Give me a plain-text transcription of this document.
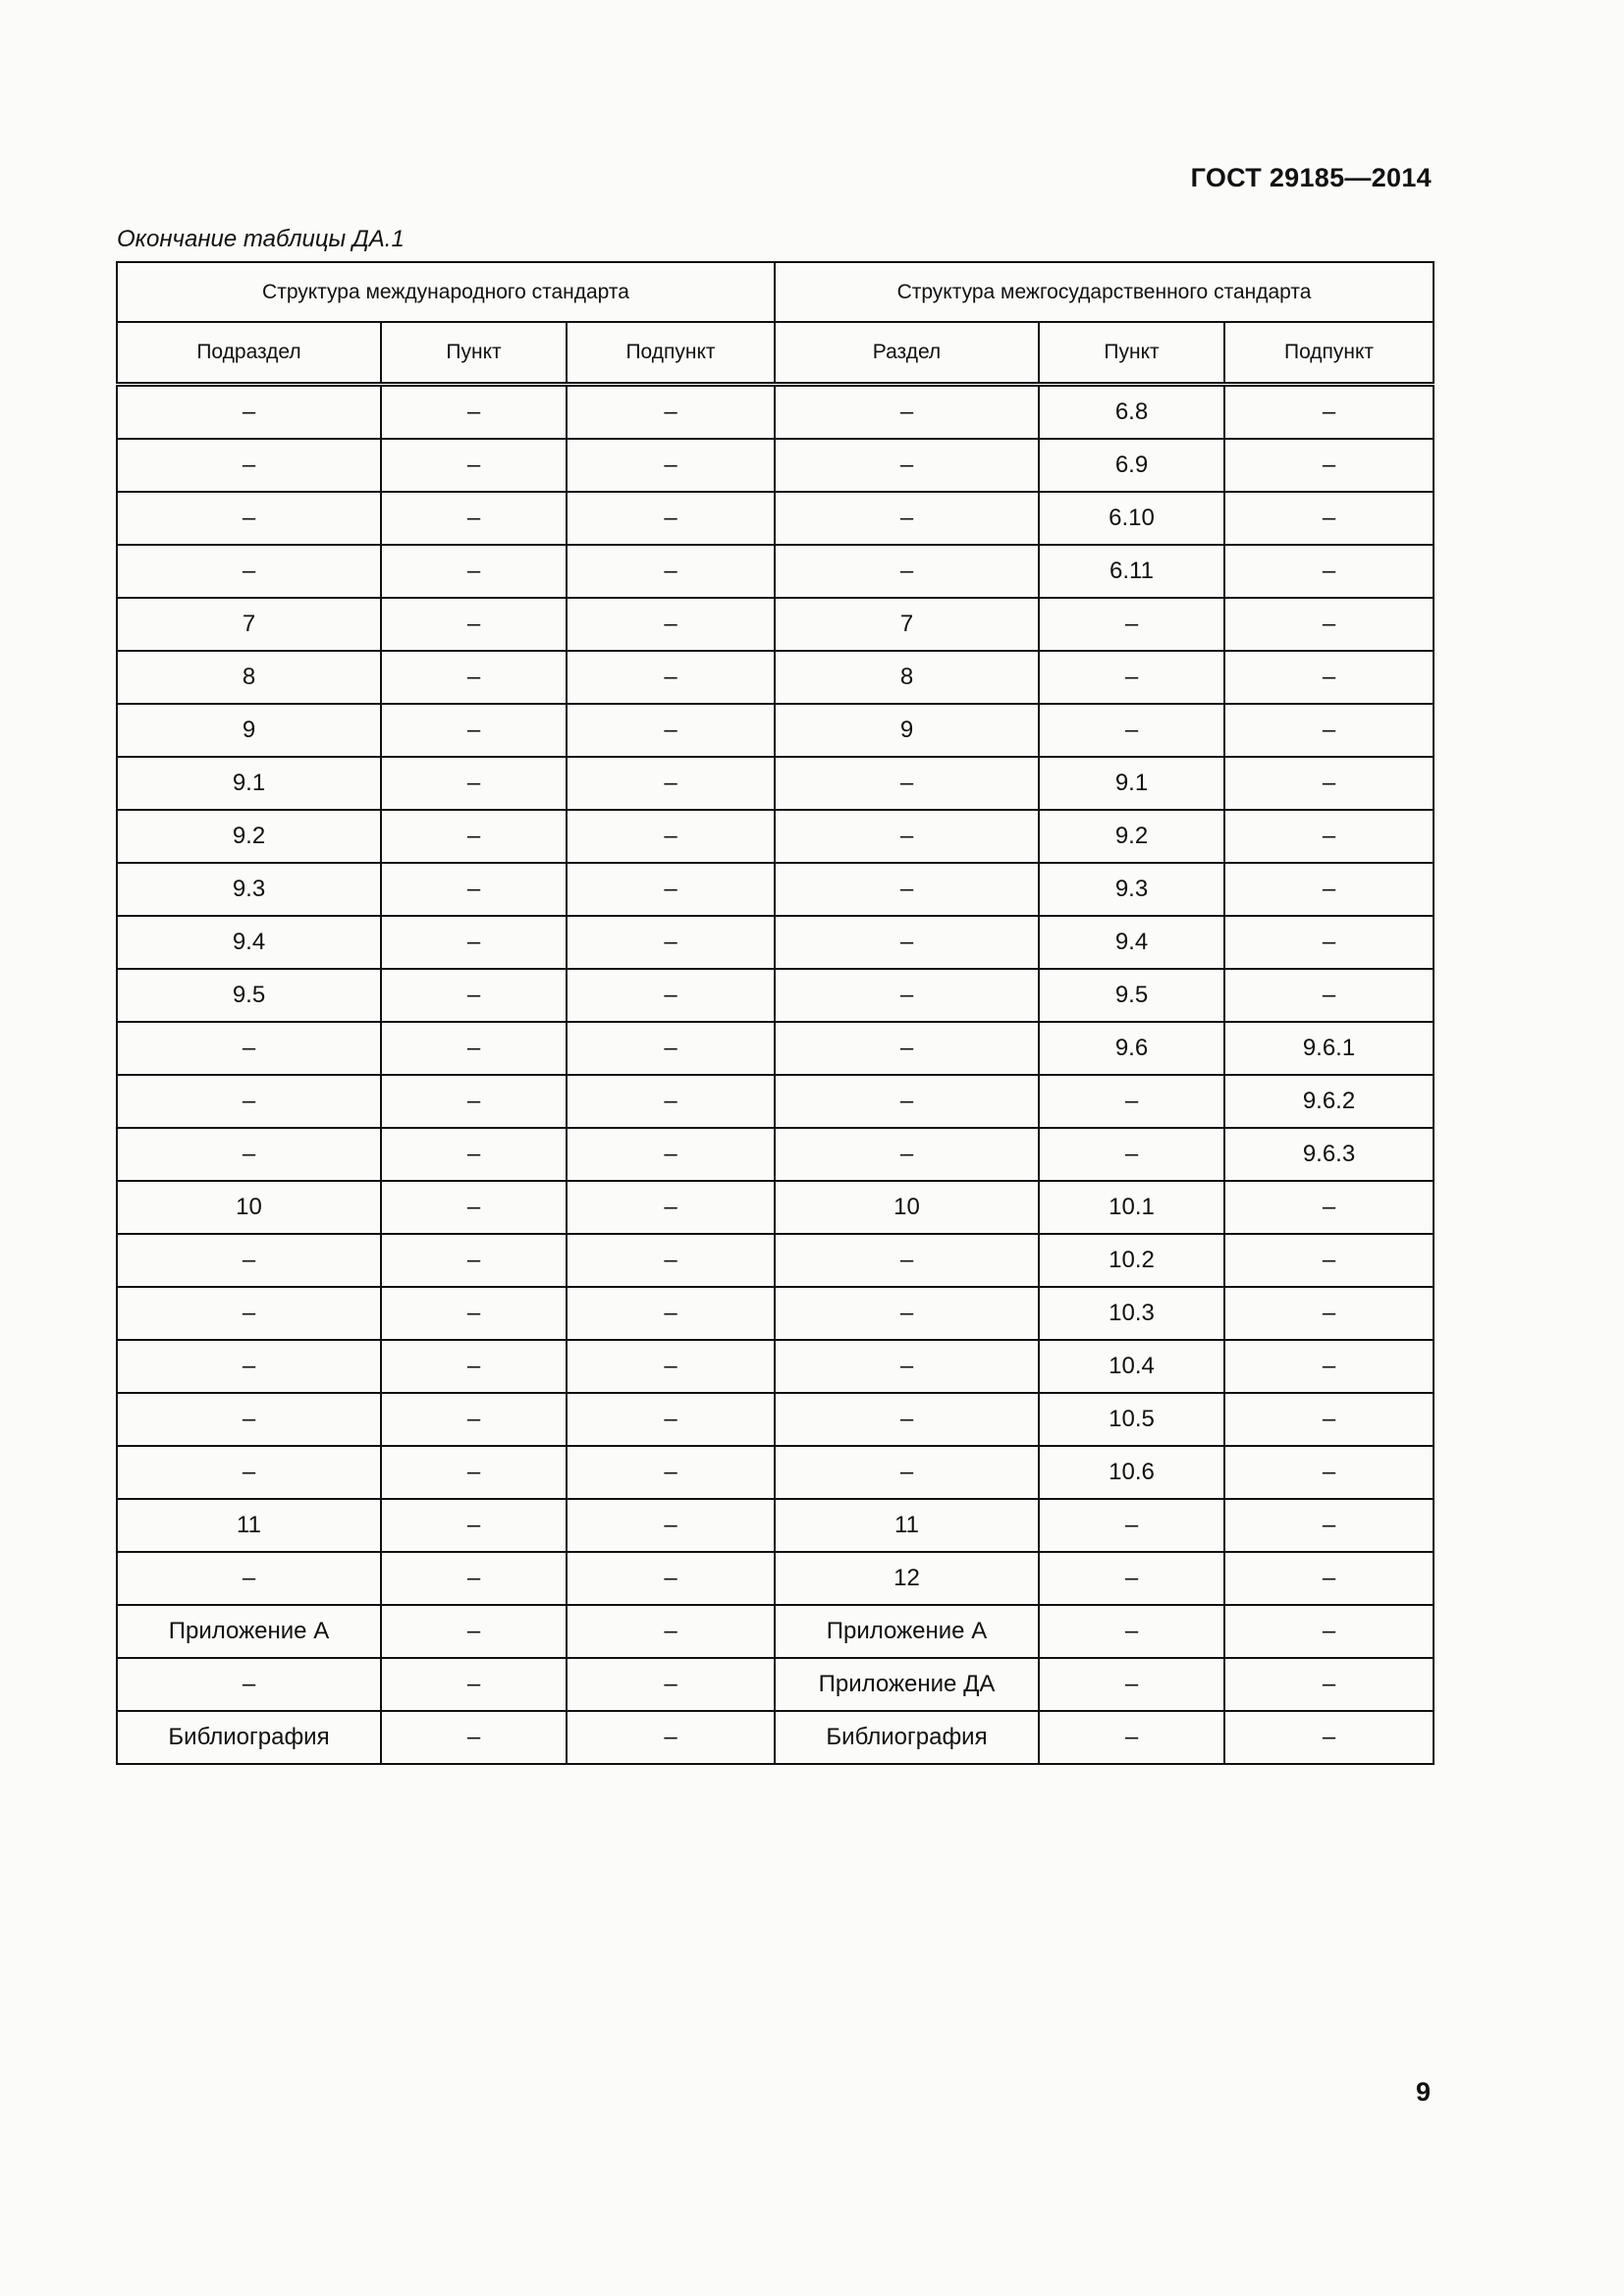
ГОСТ 29185—2014
Окончание таблицы ДА.1
Структура международного стандарта			Структура межгосударственного стандарта		
Подраздел	Пункт	Подпункт	Раздел	Пункт	Подпункт
–	–	–	–	6.8	–
–	–	–	–	6.9	–
–	–	–	–	6.10	–
–	–	–	–	6.11	–
7	–	–	7	–	–
8	–	–	8	–	–
9	–	–	9	–	–
9.1	–	–	–	9.1	–
9.2	–	–	–	9.2	–
9.3	–	–	–	9.3	–
9.4	–	–	–	9.4	–
9.5	–	–	–	9.5	–
–	–	–	–	9.6	9.6.1
–	–	–	–	–	9.6.2
–	–	–	–	–	9.6.3
10	–	–	10	10.1	–
–	–	–	–	10.2	–
–	–	–	–	10.3	–
–	–	–	–	10.4	–
–	–	–	–	10.5	–
–	–	–	–	10.6	–
11	–	–	11	–	–
–	–	–	12	–	–
Приложение А	–	–	Приложение А	–	–
–	–	–	Приложение ДА	–	–
Библиография	–	–	Библиография	–	–
9
